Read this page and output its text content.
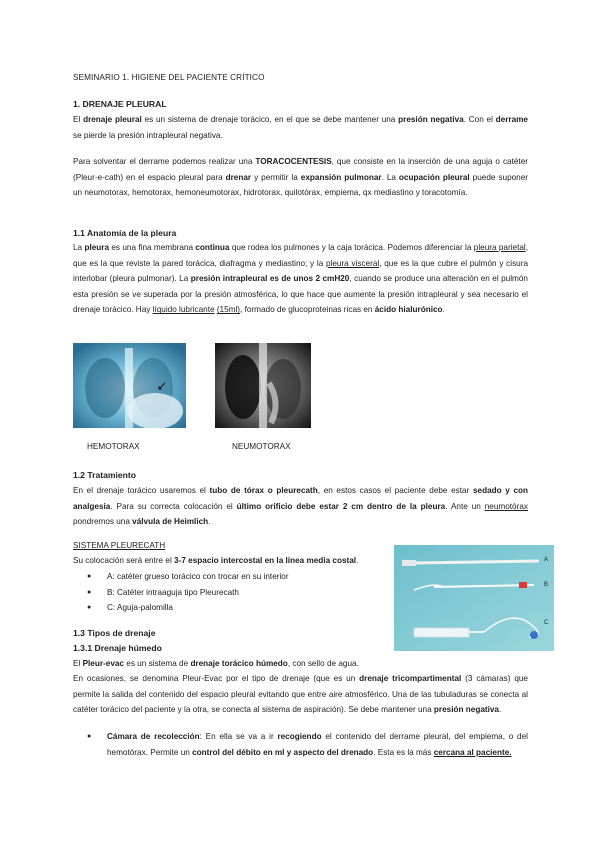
SEMINARIO 1. HIGIENE DEL PACIENTE CRÍTICO
1. DRENAJE PLEURAL

El drenaje pleural es un sistema de drenaje torácico, en el que se debe mantener una presión negativa. Con el derrame se pierde la presión intrapleural negativa.

Para solventar el derrame podemos realizar una TORACOCENTESIS, que consiste en la inserción de una aguja o catéter (Pleur-e-cath) en el espacio pleural para drenar y permitir la expansión pulmonar. La ocupación pleural puede suponer un neumotorax, hemotorax, hemoneumotorax, hidrotorax, quilotórax, empiema, qx mediastino y toracotomía.

1.1 Anatomía de la pleura

La pleura es una fina membrana continua que rodea los pulmones y la caja torácica. Podemos diferenciar la pleura parietal, que es la que reviste la pared torácica, diafragma y mediastino; y la pleura visceral, que es la que cubre el pulmón y cisura interlobar (pleura pulmonar). La presión intrapleural es de unos 2 cmH20, cuando se produce una alteración en el pulmón esta presión se ve superada por la presión atmosférica, lo que hace que aumente la presión intrapleural y sea necesario el drenaje torácico. Hay líquido lubricante (15ml), formado de glucoproteinas ricas en ácido hialurónico.

HEMOTORAX	NEUMOTORAX
1.2 Tratamiento

En el drenaje torácico usaremos el tubo de tórax o pleurecath, en estos casos el paciente debe estar sedado y con analgesia. Para su correcta colocación el último orificio debe estar 2 cm dentro de la pleura. Ante un neumotórax pondremos una válvula de Heimlich.

SISTEMA PLEURECATH

Su colocación será entre el 3-7 espacio intercostal en la línea media costal.

● A: catéter grueso torácico con trocar en su interior
● B: Catéter intraaguja tipo Pleurecath
● C: Aguja-palomilla
A
B
C
1.3 Tipos de drenaje
1.3.1 Drenaje húmedo

El Pleur-evac es un sistema de drenaje torácico húmedo, con sello de agua.

En ocasiones, se denomina Pleur-Evac por el tipo de drenaje (que es un drenaje tricompartimental (3 cámaras) que permite la salida del contenido del espacio pleural evitando que entre aire atmosférico. Una de las tubuladuras se conecta al catéter torácico del paciente y la otra, se conecta al sistema de aspiración). Se debe mantener una presión negativa.

● Cámara de recolección: En ella se va a ir recogiendo el contenido del derrame pleural, del empiema, o del hemotórax. Permite un control del débito en ml y aspecto del drenado. Esta es la más cercana al paciente.
